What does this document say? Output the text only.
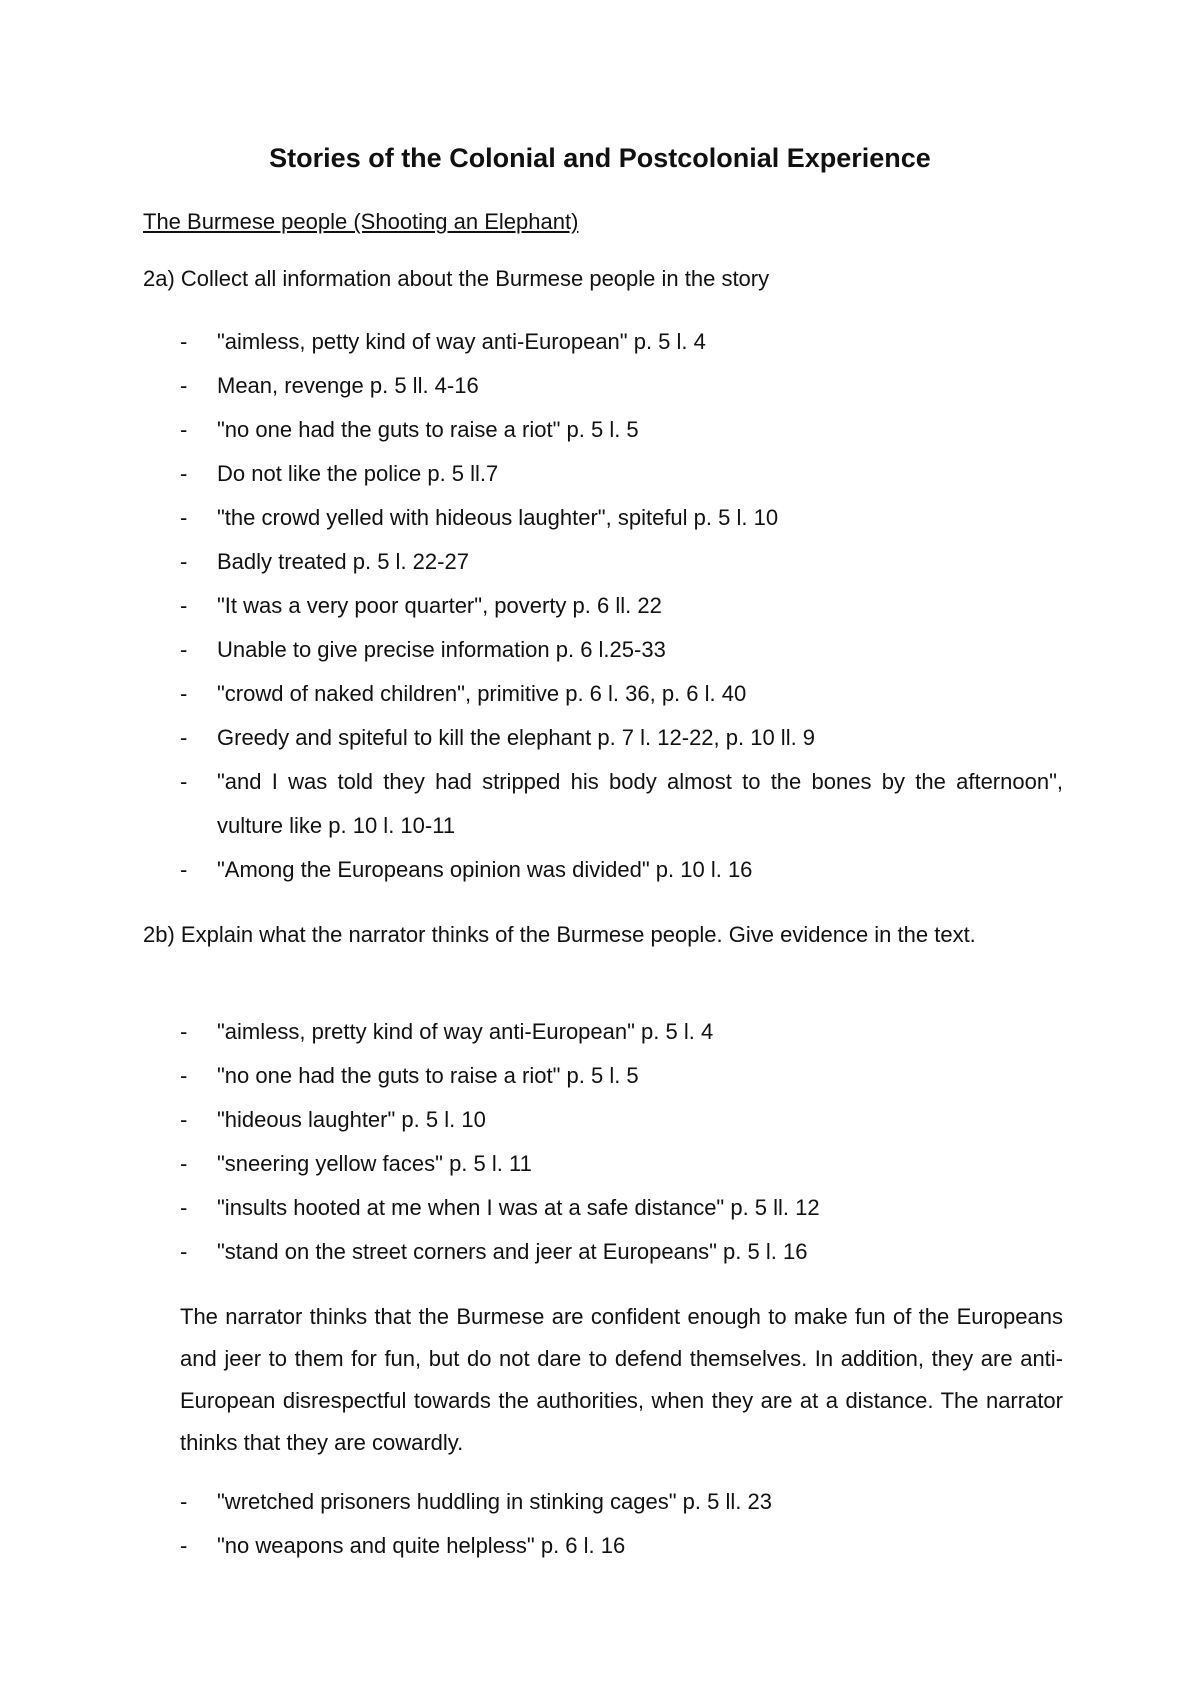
Stories of the Colonial and Postcolonial Experience
The Burmese people (Shooting an Elephant)
2a) Collect all information about the Burmese people in the story
- "aimless, petty kind of way anti-European" p. 5 l. 4
- Mean, revenge p. 5 ll. 4-16
- "no one had the guts to raise a riot" p. 5 l. 5
- Do not like the police p. 5 ll.7
- "the crowd yelled with hideous laughter", spiteful p. 5 l. 10
- Badly treated p. 5 l. 22-27
- "It was a very poor quarter", poverty p. 6 ll. 22
- Unable to give precise information p. 6 l.25-33
- "crowd of naked children", primitive p. 6 l. 36, p. 6 l. 40
- Greedy and spiteful to kill the elephant p. 7 l. 12-22, p. 10 ll. 9
- "and I was told they had stripped his body almost to the bones by the afternoon", vulture like p. 10 l. 10-11
- "Among the Europeans opinion was divided" p. 10 l. 16
2b) Explain what the narrator thinks of the Burmese people. Give evidence in the text.
- "aimless, pretty kind of way anti-European" p. 5 l. 4
- "no one had the guts to raise a riot" p. 5 l. 5
- "hideous laughter" p. 5 l. 10
- "sneering yellow faces" p. 5 l. 11
- "insults hooted at me when I was at a safe distance" p. 5 ll. 12
- "stand on the street corners and jeer at Europeans" p. 5 l. 16
The narrator thinks that the Burmese are confident enough to make fun of the Europeans and jeer to them for fun, but do not dare to defend themselves. In addition, they are anti-European disrespectful towards the authorities, when they are at a distance. The narrator thinks that they are cowardly.
- "wretched prisoners huddling in stinking cages" p. 5 ll. 23
- "no weapons and quite helpless" p. 6 l. 16
